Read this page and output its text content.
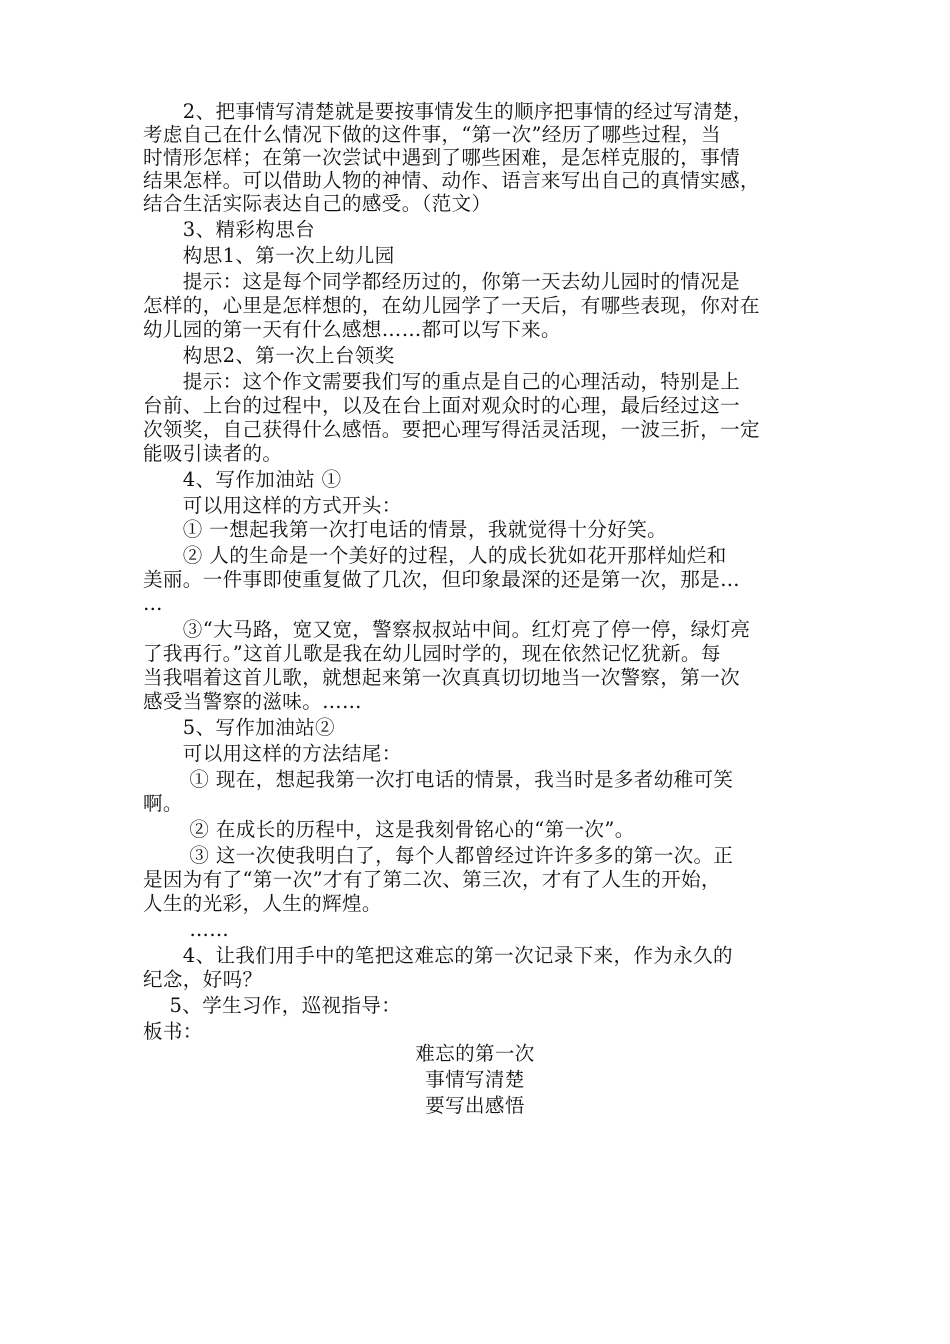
　　2、把事情写清楚就是要按事情发生的顺序把事情的经过写清楚，
考虑自己在什么情况下做的这件事，“第一次”经历了哪些过程，当
时情形怎样；在第一次尝试中遇到了哪些困难，是怎样克服的，事情
结果怎样。可以借助人物的神情、动作、语言来写出自己的真情实感，
结合生活实际表达自己的感受。（范文）
　　3、精彩构思台
　　构思1、第一次上幼儿园
　　提示：这是每个同学都经历过的，你第一天去幼儿园时的情况是
怎样的，心里是怎样想的，在幼儿园学了一天后，有哪些表现，你对在
幼儿园的第一天有什么感想……都可以写下来。
　　构思2、第一次上台领奖
　　提示：这个作文需要我们写的重点是自己的心理活动，特别是上
台前、上台的过程中，以及在台上面对观众时的心理，最后经过这一
次领奖，自己获得什么感悟。要把心理写得活灵活现，一波三折，一定
能吸引读者的。
　　4、写作加油站 ①
　　可以用这样的方式开头：
　　① 一想起我第一次打电话的情景，我就觉得十分好笑。
　　② 人的生命是一个美好的过程，人的成长犹如花开那样灿烂和
美丽。一件事即使重复做了几次，但印象最深的还是第一次，那是…
…
　　③“大马路，宽又宽，警察叔叔站中间。红灯亮了停一停，绿灯亮
了我再行。”这首儿歌是我在幼儿园时学的，现在依然记忆犹新。每
当我唱着这首儿歌，就想起来第一次真真切切地当一次警察，第一次
感受当警察的滋味。……
　　5、写作加油站②
　　可以用这样的方法结尾：
　　 ① 现在，想起我第一次打电话的情景，我当时是多者幼稚可笑
啊。
　　 ② 在成长的历程中，这是我刻骨铭心的“第一次”。
　　 ③ 这一次使我明白了，每个人都曾经过许许多多的第一次。正
是因为有了“第一次”才有了第二次、第三次，才有了人生的开始，
人生的光彩，人生的辉煌。
　　 ……
　　4、让我们用手中的笔把这难忘的第一次记录下来，作为永久的
纪念，好吗？
　 5、学生习作，巡视指导：
板书：
难忘的第一次
事情写清楚
要写出感悟
